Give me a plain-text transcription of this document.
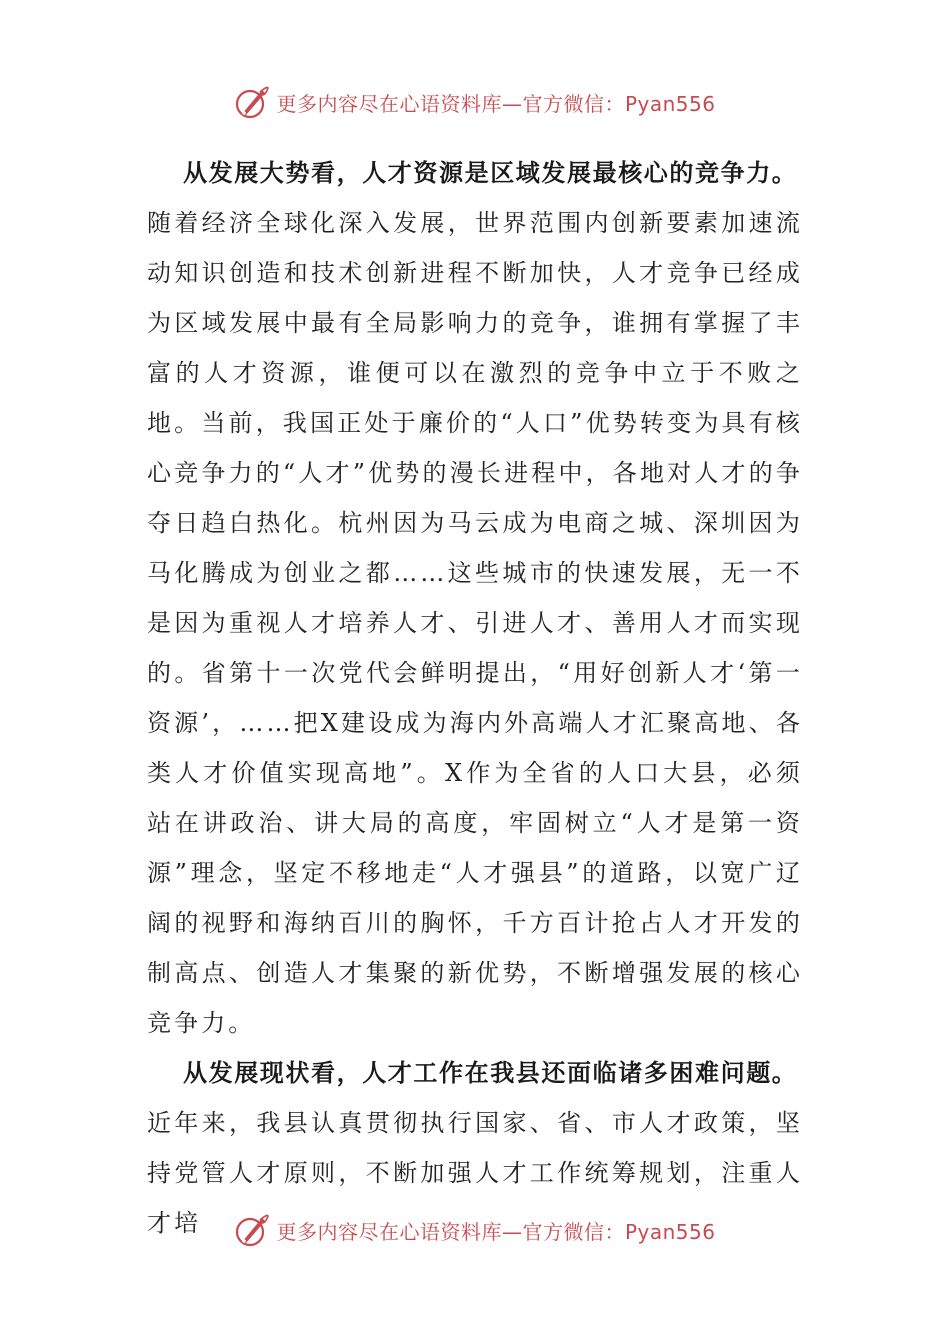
更多内容尽在心语资料库—官方微信：Pyan556

从发展大势看，人才资源是区域发展最核心的竞争力。
随着经济全球化深入发展，世界范围内创新要素加速流动知识创造和技术创新进程不断加快，人才竞争已经成为区域发展中最有全局影响力的竞争，谁拥有掌握了丰富的人才资源，谁便可以在激烈的竞争中立于不败之地。当前，我国正处于廉价的“人口”优势转变为具有核心竞争力的“人才”优势的漫长进程中，各地对人才的争夺日趋白热化。杭州因为马云成为电商之城、深圳因为马化腾成为创业之都……这些城市的快速发展，无一不是因为重视人才培养人才、引进人才、善用人才而实现的。省第十一次党代会鲜明提出，“用好创新人才‘第一资源’，……把X建设成为海内外高端人才汇聚高地、各类人才价值实现高地”。X作为全省的人口大县，必须站在讲政治、讲大局的高度，牢固树立“人才是第一资源”理念，坚定不移地走“人才强县”的道路，以宽广辽阔的视野和海纳百川的胸怀，千方百计抢占人才开发的制高点、创造人才集聚的新优势，不断增强发展的核心竞争力。

从发展现状看，人才工作在我县还面临诸多困难问题。
近年来，我县认真贯彻执行国家、省、市人才政策，坚持党管人才原则，不断加强人才工作统筹规划，注重人才培	更多内容尽在心语资料库—官方微信：Pyan556
